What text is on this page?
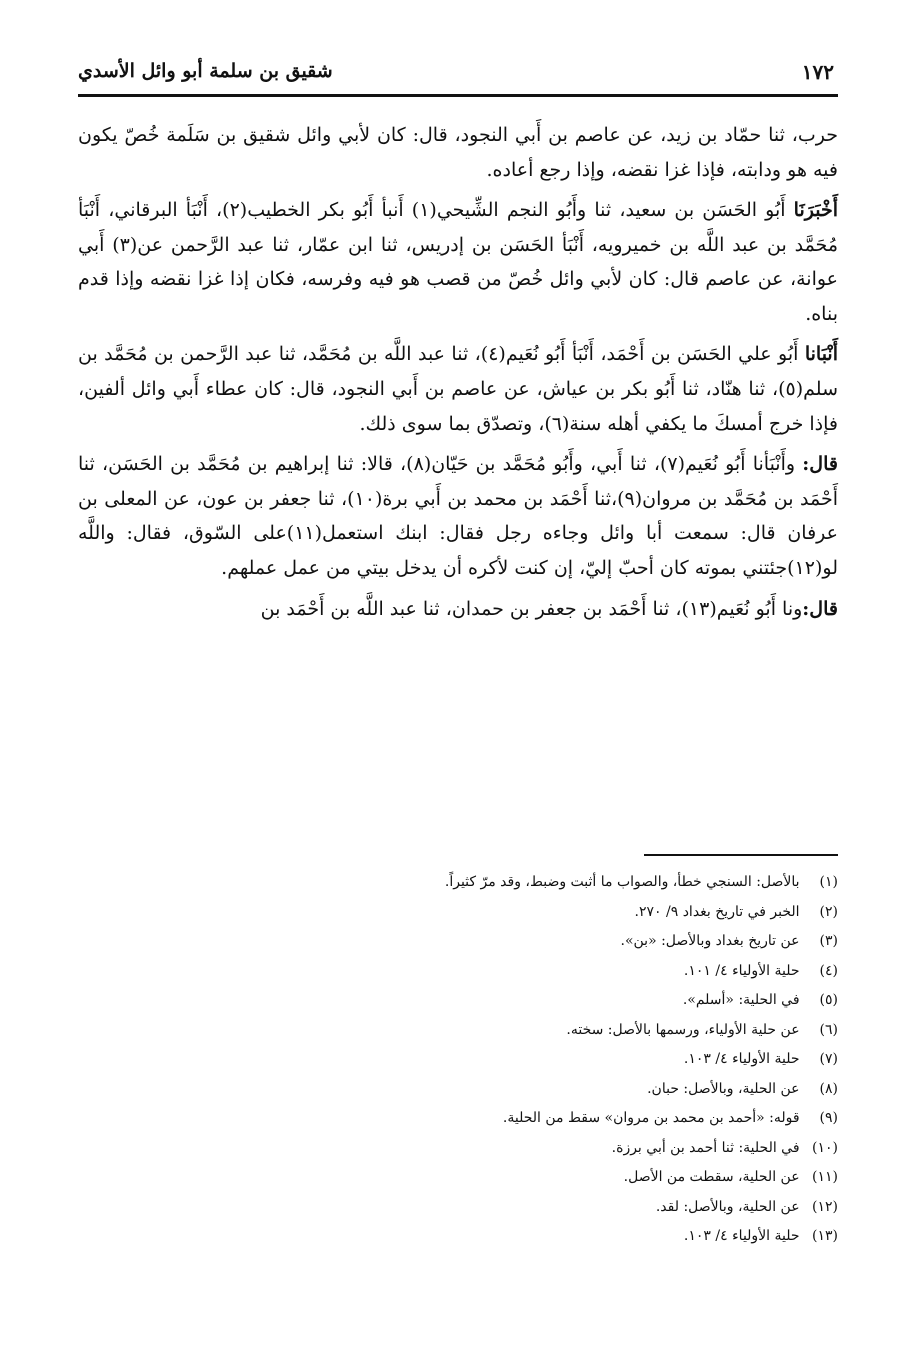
شقيق بن سلمة أبو وائل الأسدي	١٧٢

حرب، ثنا حمّاد بن زيد، عن عاصم بن أَبي النجود، قال: كان لأبي وائل شقيق بن سَلَمة خُصّ يكون فيه هو ودابته، فإذا غزا نقضه، وإذا رجع أعاده.

أَخْبَرَنَا أَبُو الحَسَن بن سعيد، ثنا وأَبُو النجم الشِّيحي(١) أَنبأ أَبُو بكر الخطيب(٢)، أَنْبَأ البرقاني، أَنْبَأ مُحَمَّد بن عبد اللَّه بن خميرويه، أَنْبَأ الحَسَن بن إدريس، ثنا ابن عمّار، ثنا عبد الرَّحمن عن(٣) أَبي عوانة، عن عاصم قال: كان لأبي وائل خُصّ من قصب هو فيه وفرسه، فكان إذا غزا نقضه وإذا قدم بناه.

أَنْبَانا أَبُو علي الحَسَن بن أَحْمَد، أَنْبَأ أَبُو نُعَيم(٤)، ثنا عبد اللَّه بن مُحَمَّد، ثنا عبد الرَّحمن بن مُحَمَّد بن سلم(٥)، ثنا هنّاد، ثنا أَبُو بكر بن عياش، عن عاصم بن أَبي النجود، قال: كان عطاء أَبي وائل ألفين، فإذا خرج أمسكَ ما يكفي أهله سنة(٦)، وتصدّق بما سوى ذلك.

قال: وأَنْبَأنا أَبُو نُعَيم(٧)، ثنا أَبي، وأَبُو مُحَمَّد بن حَيّان(٨)، قالا: ثنا إبراهيم بن مُحَمَّد بن الحَسَن، ثنا أَحْمَد بن مُحَمَّد بن مروان(٩)،ثنا أَحْمَد بن محمد بن أَبي برة(١٠)، ثنا جعفر بن عون، عن المعلى بن عرفان قال: سمعت أبا وائل وجاءه رجل فقال: ابنك استعمل(١١)على السّوق، فقال: واللَّه لو(١٢)جئتني بموته كان أحبّ إليّ، إن كنت لأكره أن يدخل بيتي من عمل عملهم.

قال:ونا أَبُو نُعَيم(١٣)، ثنا أَحْمَد بن جعفر بن حمدان، ثنا عبد اللَّه بن أَحْمَد بن

(١) بالأصل: السنجي خطأ، والصواب ما أثبت وضبط، وقد مرّ كثيراً.
(٢) الخبر في تاريخ بغداد ٩/ ٢٧٠.
(٣) عن تاريخ بغداد وبالأصل: «بن».
(٤) حلية الأولياء ٤/ ١٠١.
(٥) في الحلية: «أسلم».
(٦) عن حلية الأولياء، ورسمها بالأصل: سخته.
(٧) حلية الأولياء ٤/ ١٠٣.
(٨) عن الحلية، وبالأصل: حبان.
(٩) قوله: «أحمد بن محمد بن مروان» سقط من الحلية.
(١٠) في الحلية: ثنا أحمد بن أبي برزة.
(١١) عن الحلية، سقطت من الأصل.
(١٢) عن الحلية، وبالأصل: لقد.
(١٣) حلية الأولياء ٤/ ١٠٣.
